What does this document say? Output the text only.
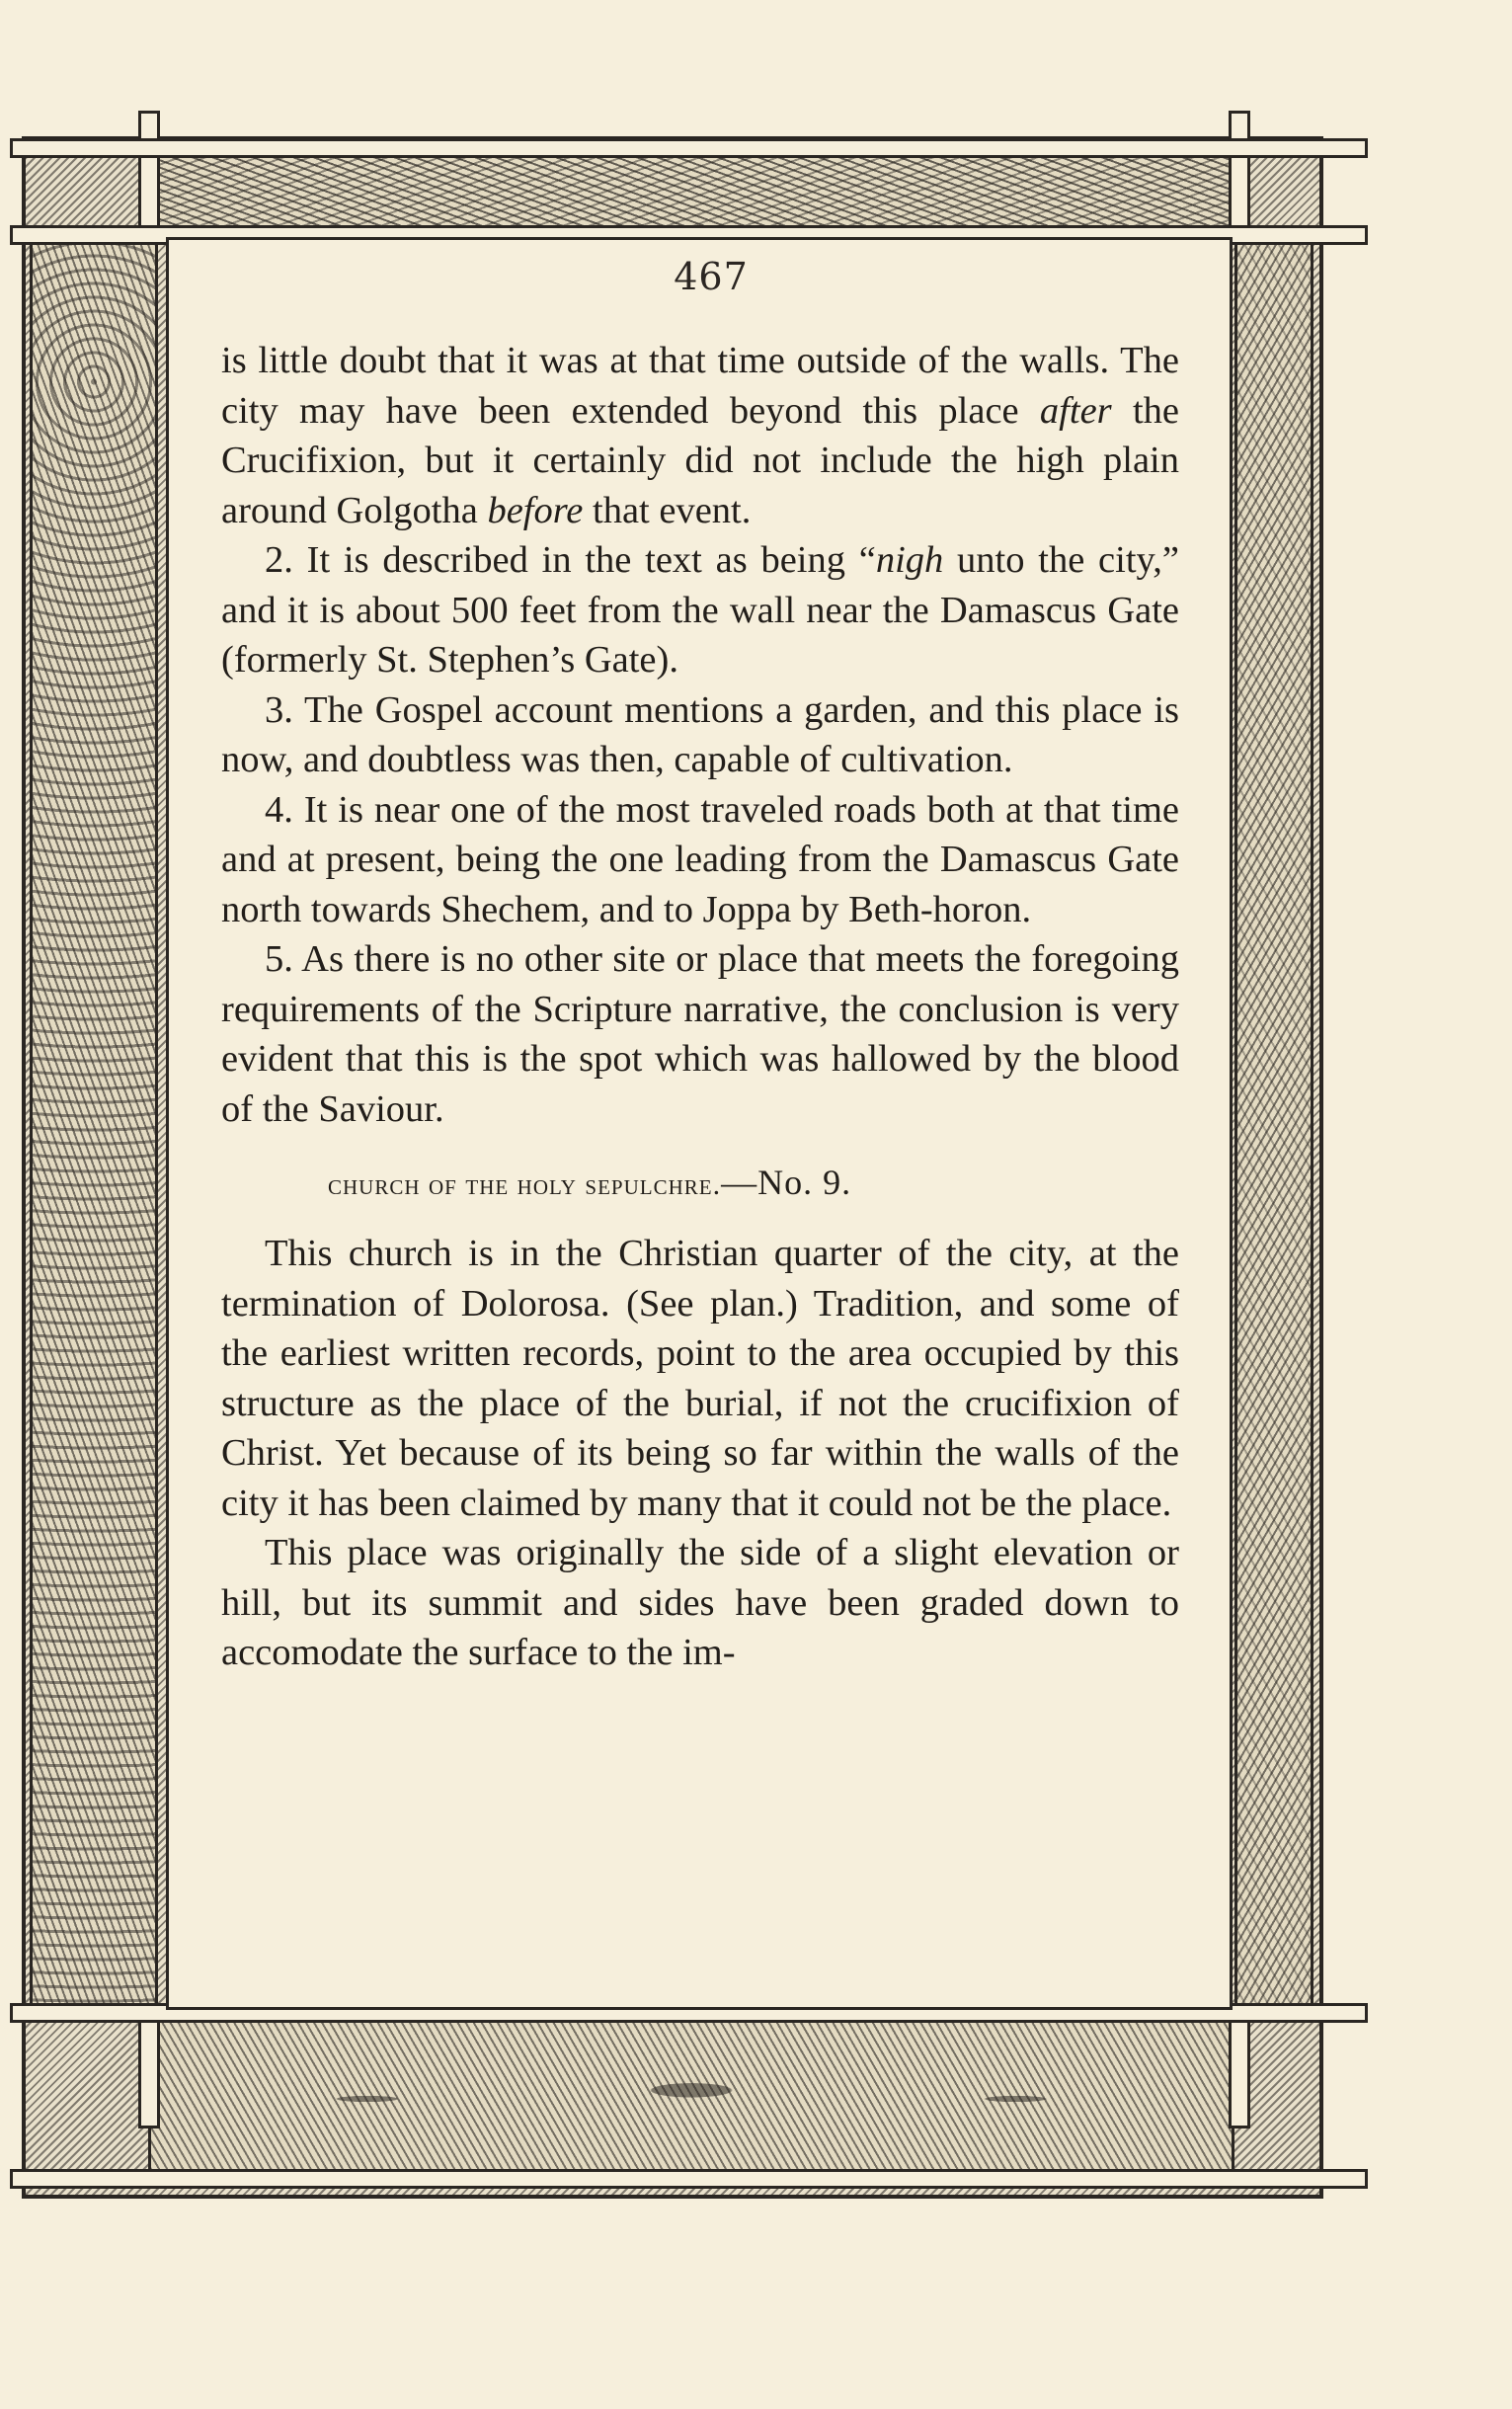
467

is little doubt that it was at that time outside of the walls. The city may have been extended beyond this place after the Crucifixion, but it certainly did not include the high plain around Golgotha before that event.

2. It is described in the text as being “nigh unto the city,” and it is about 500 feet from the wall near the Damascus Gate (formerly St. Stephen’s Gate).

3. The Gospel account mentions a garden, and this place is now, and doubtless was then, capable of cultivation.

4. It is near one of the most traveled roads both at that time and at present, being the one leading from the Damascus Gate north towards Shechem, and to Joppa by Beth-horon.

5. As there is no other site or place that meets the foregoing requirements of the Scripture narrative, the conclusion is very evident that this is the spot which was hallowed by the blood of the Saviour.

church of the holy sepulchre.—No. 9.

This church is in the Christian quarter of the city, at the termination of Dolorosa. (See plan.) Tradition, and some of the earliest written records, point to the area occupied by this structure as the place of the burial, if not the crucifixion of Christ. Yet because of its being so far within the walls of the city it has been claimed by many that it could not be the place.

This place was originally the side of a slight elevation or hill, but its summit and sides have been graded down to accomodate the surface to the im-
